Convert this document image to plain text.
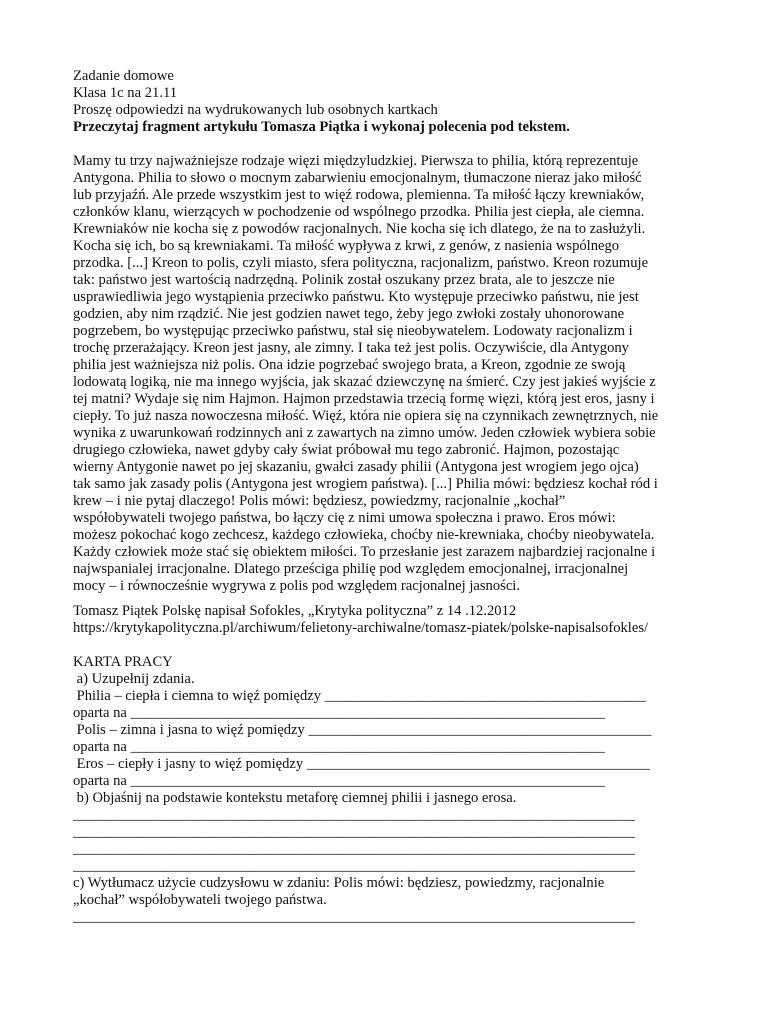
Zadanie domowe
Klasa 1c na 21.11
Proszę odpowiedzi na wydrukowanych lub osobnych kartkach
Przeczytaj fragment artykułu Tomasza Piątka i wykonaj polecenia pod tekstem.
Mamy tu trzy najważniejsze rodzaje więzi międzyludzkiej. Pierwsza to philia, którą reprezentuje
Antygona. Philia to słowo o mocnym zabarwieniu emocjonalnym, tłumaczone nieraz jako miłość
lub przyjaźń. Ale przede wszystkim jest to więź rodowa, plemienna. Ta miłość łączy krewniaków,
członków klanu, wierzących w pochodzenie od wspólnego przodka. Philia jest ciepła, ale ciemna.
Krewniaków nie kocha się z powodów racjonalnych. Nie kocha się ich dlatego, że na to zasłużyli.
Kocha się ich, bo są krewniakami. Ta miłość wypływa z krwi, z genów, z nasienia wspólnego
przodka. [...] Kreon to polis, czyli miasto, sfera polityczna, racjonalizm, państwo. Kreon rozumuje
tak: państwo jest wartością nadrzędną. Polinik został oszukany przez brata, ale to jeszcze nie
usprawiedliwia jego wystąpienia przeciwko państwu. Kto występuje przeciwko państwu, nie jest
godzien, aby nim rządzić. Nie jest godzien nawet tego, żeby jego zwłoki zostały uhonorowane
pogrzebem, bo występując przeciwko państwu, stał się nieobywatelem. Lodowaty racjonalizm i
trochę przerażający. Kreon jest jasny, ale zimny. I taka też jest polis. Oczywiście, dla Antygony
philia jest ważniejsza niż polis. Ona idzie pogrzebać swojego brata, a Kreon, zgodnie ze swoją
lodowatą logiką, nie ma innego wyjścia, jak skazać dziewczynę na śmierć. Czy jest jakieś wyjście z
tej matni? Wydaje się nim Hajmon. Hajmon przedstawia trzecią formę więzi, którą jest eros, jasny i
ciepły. To już nasza nowoczesna miłość. Więź, która nie opiera się na czynnikach zewnętrznych, nie
wynika z uwarunkowań rodzinnych ani z zawartych na zimno umów. Jeden człowiek wybiera sobie
drugiego człowieka, nawet gdyby cały świat próbował mu tego zabronić. Hajmon, pozostając
wierny Antygonie nawet po jej skazaniu, gwałci zasady philii (Antygona jest wrogiem jego ojca)
tak samo jak zasady polis (Antygona jest wrogiem państwa). [...] Philia mówi: będziesz kochał ród i
krew – i nie pytaj dlaczego! Polis mówi: będziesz, powiedzmy, racjonalnie „kochał”
współobywateli twojego państwa, bo łączy cię z nimi umowa społeczna i prawo. Eros mówi:
możesz pokochać kogo zechcesz, każdego człowieka, choćby nie-krewniaka, choćby nieobywatela.
Każdy człowiek może stać się obiektem miłości. To przesłanie jest zarazem najbardziej racjonalne i
najwspanialej irracjonalne. Dlatego prześciga philię pod względem emocjonalnej, irracjonalnej
mocy – i równocześnie wygrywa z polis pod względem racjonalnej jasności.
Tomasz Piątek Polskę napisał Sofokles, „Krytyka polityczna” z 14 .12.2012
https://krytykapolityczna.pl/archiwum/felietony-archiwalne/tomasz-piatek/polske-napisalsofokles/
KARTA PRACY
a) Uzupełnij zdania.
Philia – ciepła i ciemna to więź pomiędzy ____________________________________________
oparta na _________________________________________________________________
Polis – zimna i jasna to więź pomiędzy _______________________________________________
oparta na _________________________________________________________________
Eros – ciepły i jasny to więź pomiędzy _______________________________________________
oparta na _________________________________________________________________
b) Objaśnij na podstawie kontekstu metaforę ciemnej philii i jasnego erosa.
_____________________________________________________________________________
_____________________________________________________________________________
_____________________________________________________________________________
_____________________________________________________________________________
c) Wytłumacz użycie cudzysłowu w zdaniu: Polis mówi: będziesz, powiedzmy, racjonalnie
„kochał” współobywateli twojego państwa.
_____________________________________________________________________________
